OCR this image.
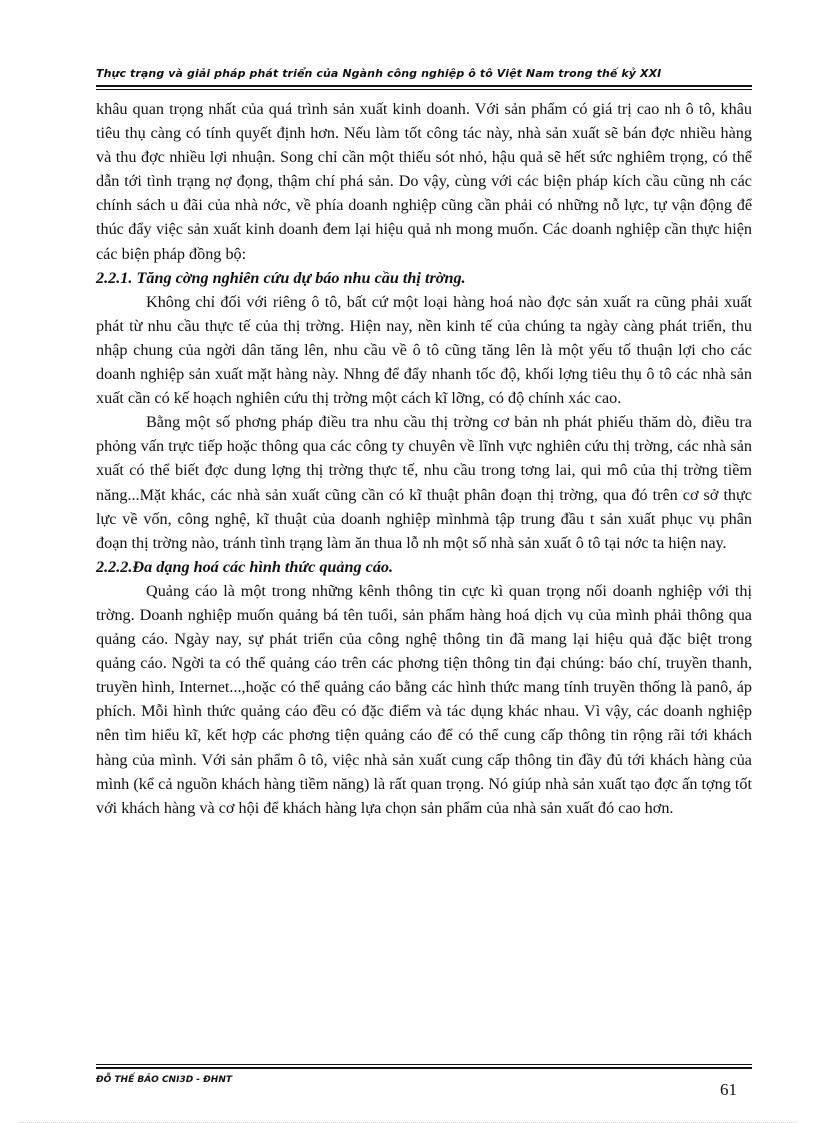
Thực trạng và giải pháp phát triển của Ngành công nghiệp ô tô Việt Nam trong thế kỷ XXI

khâu quan trọng nhất của quá trình sản xuất kinh doanh. Với sản phẩm có giá trị cao nh ô tô, khâu tiêu thụ càng có tính quyết định hơn. Nếu làm tốt công tác này, nhà sản xuất sẽ bán đợc nhiều hàng và thu đợc nhiều lợi nhuận. Song chỉ cần một thiếu sót nhỏ, hậu quả sẽ hết sức nghiêm trọng, có thể dẫn tới tình trạng nợ đọng, thậm chí phá sản. Do vậy, cùng với các biện pháp kích cầu cũng nh các chính sách u đãi của nhà nớc, về phía doanh nghiệp cũng cần phải có những nỗ lực, tự vận động để thúc đẩy việc sản xuất kinh doanh đem lại hiệu quả nh mong muốn. Các doanh nghiệp cần thực hiện các biện pháp đồng bộ:

2.2.1. Tăng cờng nghiên cứu dự báo nhu cầu thị trờng.

Không chỉ đối với riêng ô tô, bất cứ một loại hàng hoá nào đợc sản xuất ra cũng phải xuất phát từ nhu cầu thực tế của thị trờng. Hiện nay, nền kinh tế của chúng ta ngày càng phát triển, thu nhập chung của ngời dân tăng lên, nhu cầu về ô tô cũng tăng lên là một yếu tố thuận lợi cho các doanh nghiệp sản xuất mặt hàng này. Nhng để đẩy nhanh tốc độ, khối lợng tiêu thụ ô tô các nhà sản xuất cần có kế hoạch nghiên cứu thị trờng một cách kĩ lỡng, có độ chính xác cao.

Bằng một số phơng pháp điều tra nhu cầu thị trờng cơ bản nh phát phiếu thăm dò, điều tra phỏng vấn trực tiếp hoặc thông qua các công ty chuyên về lĩnh vực nghiên cứu thị trờng, các nhà sản xuất có thể biết đợc dung lợng thị trờng thực tế, nhu cầu trong tơng lai, qui mô của thị trờng tiềm năng...Mặt khác, các nhà sản xuất cũng cần có kĩ thuật phân đoạn thị trờng, qua đó trên cơ sở thực lực về vốn, công nghệ, kĩ thuật của doanh nghiệp mìnhmà tập trung đầu t sản xuất phục vụ phân đoạn thị trờng nào, tránh tình trạng làm ăn thua lỗ nh một số nhà sản xuất ô tô tại nớc ta hiện nay.

2.2.2.Đa dạng hoá các hình thức quảng cáo.

Quảng cáo là một trong những kênh thông tin cực kì quan trọng nối doanh nghiệp với thị trờng. Doanh nghiệp muốn quảng bá tên tuổi, sản phẩm hàng hoá dịch vụ của mình phải thông qua quảng cáo. Ngày nay, sự phát triển của công nghệ thông tin đã mang lại hiệu quả đặc biệt trong quảng cáo. Ngời ta có thể quảng cáo trên các phơng tiện thông tin đại chúng: báo chí, truyền thanh, truyền hình, Internet...,hoặc có thể quảng cáo bằng các hình thức mang tính truyền thống là panô, áp phích. Mỗi hình thức quảng cáo đều có đặc điểm và tác dụng khác nhau. Vì vậy, các doanh nghiệp nên tìm hiểu kĩ, kết hợp các phơng tiện quảng cáo để có thể cung cấp thông tin rộng rãi tới khách hàng của mình. Với sản phẩm ô tô, việc nhà sản xuất cung cấp thông tin đầy đủ tới khách hàng của mình (kể cả nguồn khách hàng tiềm năng) là rất quan trọng. Nó giúp nhà sản xuất tạo đợc ấn tợng tốt với khách hàng và cơ hội để khách hàng lựa chọn sản phẩm của nhà sản xuất đó cao hơn.

ĐỖ THẾ BẢO CNI3D - ĐHNT	61
